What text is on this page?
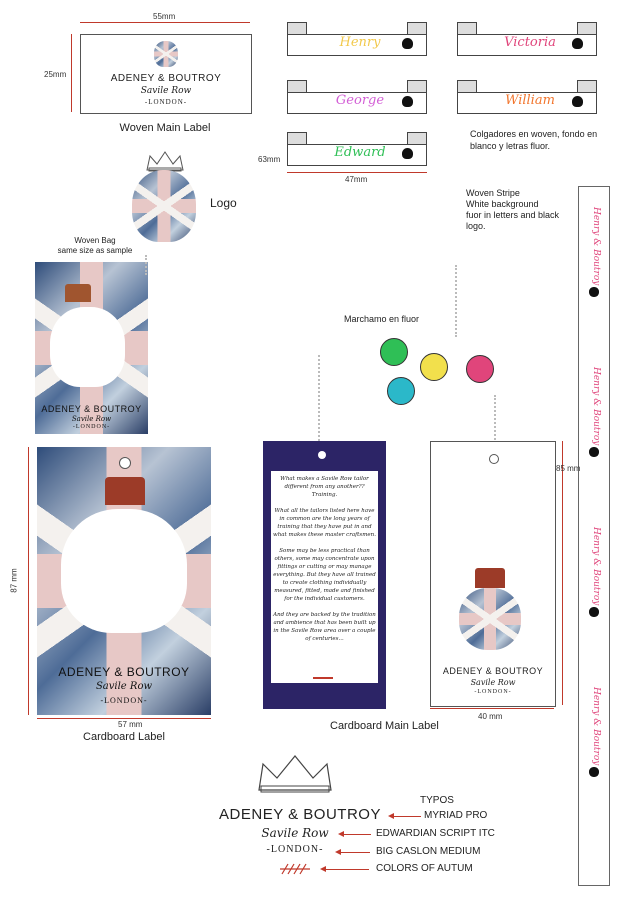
55mm
25mm	ADENEY & BOUTROY
Savile Row
-LONDON-
Woven Main Label
Henry	Victoria
George	William
Edward
63mm
47mm
Colgadores en woven, fondo en blanco y letras fluor.
Logo
Woven Bag
same size as sample
ADENEY & BOUTROY
Savile Row
-LONDON-
Woven Stripe
White background
fuor in letters and black
logo.	Henry & Boutroy
Henry & Boutroy
Henry & Boutroy
Henry & Boutroy
Marchamo en fluor
87 mm
ADENEY & BOUTROY
Savile Row
-LONDON-
57 mm
Cardboard Label
What makes a Savile Row tailor different from any another?? Training.

What all the tailors listed here have in common are the long years of training that they have put in and what makes these master craftsmen.

Some may be less practical than others, some may concentrate upon fittings or cutting or may manage everything. But they have all trained to create clothing individually measured, fitted, made and finished for the individual customers.

And they are backed by the tradition and ambience that has been built up in the Savile Row area over a couple of centuries...
ADENEY & BOUTROY
Savile Row
-LONDON-
85 mm
40 mm
Cardboard Main Label
ADENEY & BOUTROY
Savile Row
-LONDON-
TYPOS
MYRIAD PRO
EDWARDIAN SCRIPT ITC
BIG CASLON MEDIUM
COLORS OF AUTUM
